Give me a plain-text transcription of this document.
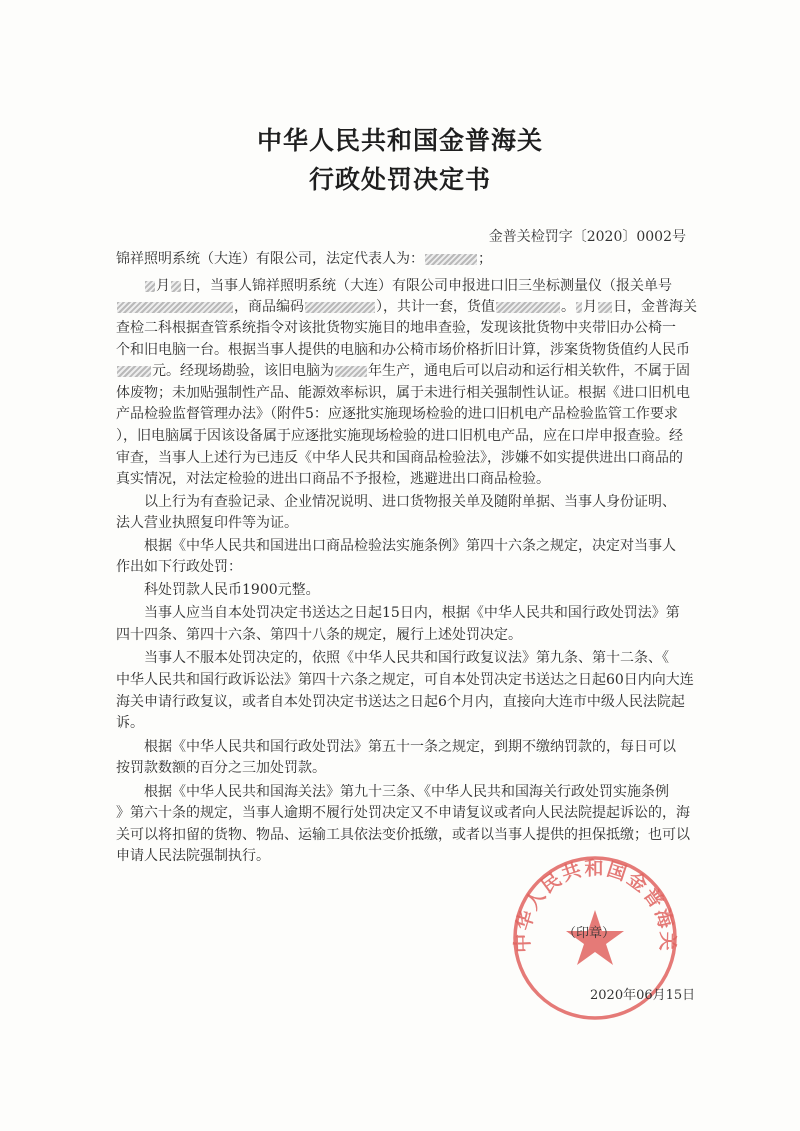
中华人民共和国金普海关
行政处罚决定书
金普关检罚字〔2020〕0002号
锦祥照明系统（大连）有限公司，法定代表人为：	；
月 日，当事人锦祥照明系统（大连）有限公司申报进口旧三坐标测量仪（报关单号
，商品编码	），共计一套，货值	。 月 日，金普海关
查检二科根据查管系统指令对该批货物实施目的地串查验，发现该批货物中夹带旧办公椅一
个和旧电脑一台。根据当事人提供的电脑和办公椅市场价格折旧计算，涉案货物货值约人民币
元。经现场勘验，该旧电脑为 年生产，通电后可以启动和运行相关软件，不属于固
体废物；未加贴强制性产品、能源效率标识，属于未进行相关强制性认证。根据《进口旧机电
产品检验监督管理办法》（附件5：应逐批实施现场检验的进口旧机电产品检验监管工作要求
），旧电脑属于因该设备属于应逐批实施现场检验的进口旧机电产品，应在口岸申报查验。经
审查，当事人上述行为已违反《中华人民共和国商品检验法》，涉嫌不如实提供进出口商品的
真实情况，对法定检验的进出口商品不予报检，逃避进出口商品检验。
以上行为有查验记录、企业情况说明、进口货物报关单及随附单据、当事人身份证明、
法人营业执照复印件等为证。
根据《中华人民共和国进出口商品检验法实施条例》第四十六条之规定，决定对当事人
作出如下行政处罚：
科处罚款人民币1900元整。
当事人应当自本处罚决定书送达之日起15日内，根据《中华人民共和国行政处罚法》第
四十四条、第四十六条、第四十八条的规定，履行上述处罚决定。
当事人不服本处罚决定的，依照《中华人民共和国行政复议法》第九条、第十二条、《
中华人民共和国行政诉讼法》第四十六条之规定，可自本处罚决定书送达之日起60日内向大连
海关申请行政复议，或者自本处罚决定书送达之日起6个月内，直接向大连市中级人民法院起
诉。
根据《中华人民共和国行政处罚法》第五十一条之规定，到期不缴纳罚款的，每日可以
按罚款数额的百分之三加处罚款。
根据《中华人民共和国海关法》第九十三条、《中华人民共和国海关行政处罚实施条例
》第六十条的规定，当事人逾期不履行处罚决定又不申请复议或者向人民法院提起诉讼的，海
关可以将扣留的货物、物品、运输工具依法变价抵缴，或者以当事人提供的担保抵缴；也可以
申请人民法院强制执行。
中华人民共和国金普海关
（印章）
2020年06月15日
